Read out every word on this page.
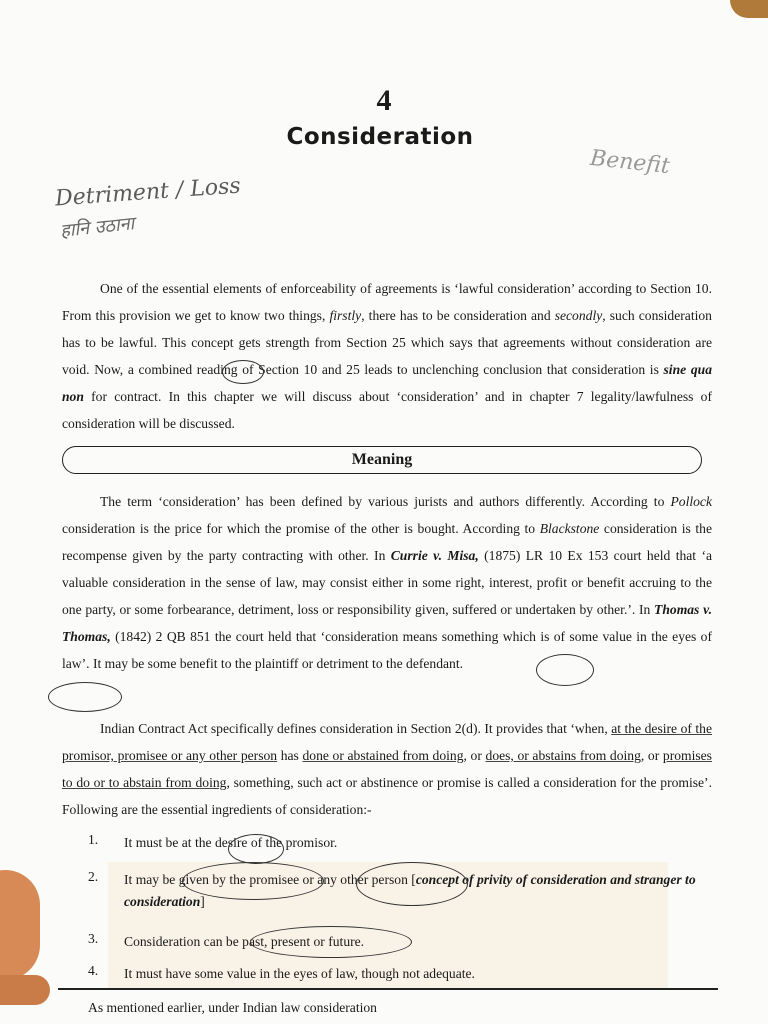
4
Consideration
Detriment / Loss
हानि उठाना
Benefit
One of the essential elements of enforceability of agreements is ‘lawful consideration’ according to Section 10. From this provision we get to know two things, firstly, there has to be consideration and secondly, such consideration has to be lawful. This concept gets strength from Section 25 which says that agreements without consideration are void. Now, a combined reading of Section 10 and 25 leads to unclenching conclusion that consideration is sine qua non for contract. In this chapter we will discuss about ‘consideration’ and in chapter 7 legality/lawfulness of consideration will be discussed.
Meaning
The term ‘consideration’ has been defined by various jurists and authors differently. According to Pollock consideration is the price for which the promise of the other is bought. According to Blackstone consideration is the recompense given by the party contracting with other. In Currie v. Misa, (1875) LR 10 Ex 153 court held that ‘a valuable consideration in the sense of law, may consist either in some right, interest, profit or benefit accruing to the one party, or some forbearance, detriment, loss or responsibility given, suffered or undertaken by other.’. In Thomas v. Thomas, (1842) 2 QB 851 the court held that ‘consideration means something which is of some value in the eyes of law’. It may be some benefit to the plaintiff or detriment to the defendant.
Indian Contract Act specifically defines consideration in Section 2(d). It provides that ‘when, at the desire of the promisor, promisee or any other person has done or abstained from doing, or does, or abstains from doing, or promises to do or to abstain from doing, something, such act or abstinence or promise is called a consideration for the promise’. Following are the essential ingredients of consideration:-
1.	It must be at the desire of the promisor.
2.	It may be given by the promisee or any other person [concept of privity of consideration and stranger to consideration]
3.	Consideration can be past, present or future.
4.	It must have some value in the eyes of law, though not adequate.
As mentioned earlier, under Indian law consideration
